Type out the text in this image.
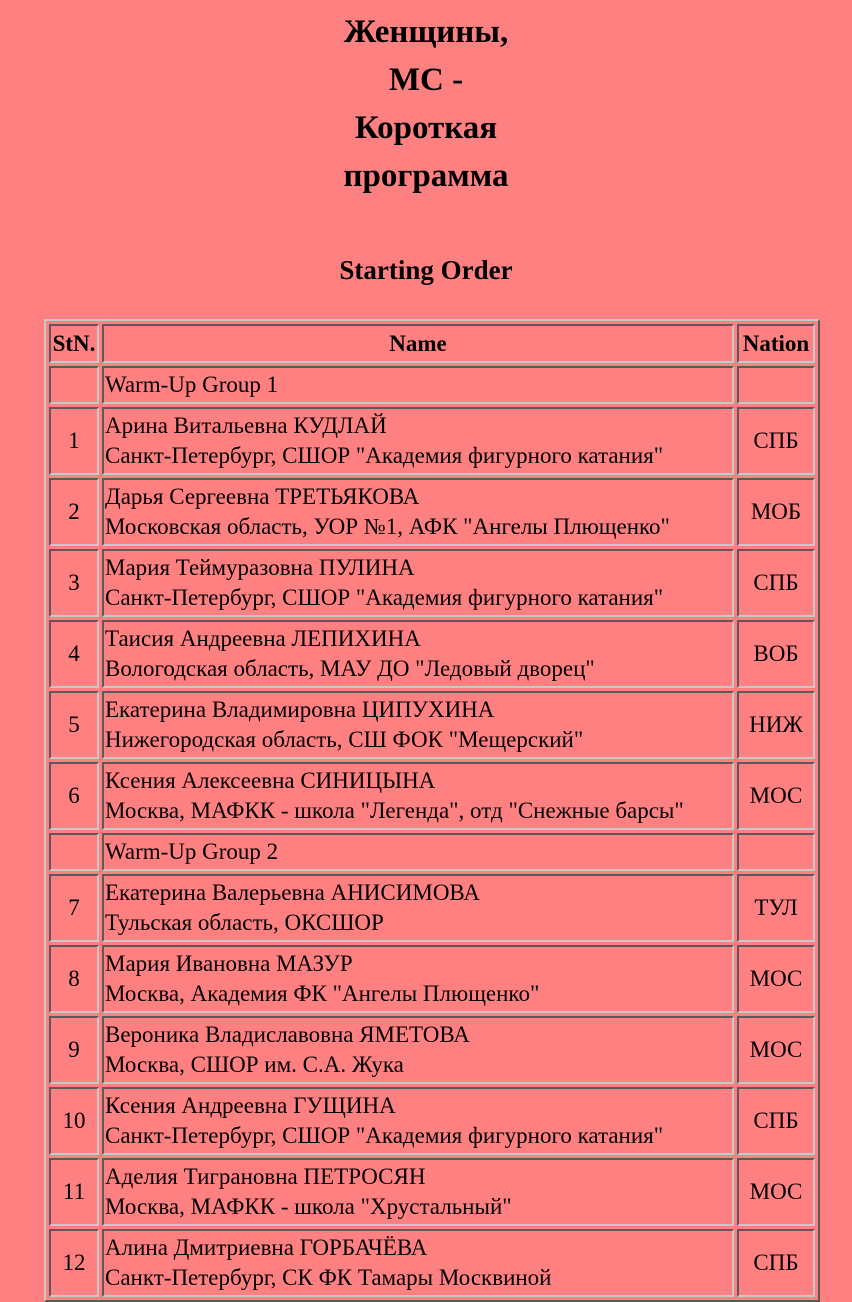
Женщины,
МС -
Короткая
программа
Starting Order
StN.	Name	Nation
	Warm-Up Group 1	
1	Арина Витальевна КУДЛАЙ
Санкт-Петербург, СШОР "Академия фигурного катания"	СПБ
2	Дарья Сергеевна ТРЕТЬЯКОВА
Московская область, УОР №1, АФК "Ангелы Плющенко"	МОБ
3	Мария Теймуразовна ПУЛИНА
Санкт-Петербург, СШОР "Академия фигурного катания"	СПБ
4	Таисия Андреевна ЛЕПИХИНА
Вологодская область, МАУ ДО "Ледовый дворец"	ВОБ
5	Екатерина Владимировна ЦИПУХИНА
Нижегородская область, СШ ФОК "Мещерский"	НИЖ
6	Ксения Алексеевна СИНИЦЫНА
Москва, МАФКК - школа "Легенда", отд "Снежные барсы"	МОС
	Warm-Up Group 2	
7	Екатерина Валерьевна АНИСИМОВА
Тульская область, ОКСШОР	ТУЛ
8	Мария Ивановна МАЗУР
Москва, Академия ФК "Ангелы Плющенко"	МОС
9	Вероника Владиславовна ЯМЕТОВА
Москва, СШОР им. С.А. Жука	МОС
10	Ксения Андреевна ГУЩИНА
Санкт-Петербург, СШОР "Академия фигурного катания"	СПБ
11	Аделия Тиграновна ПЕТРОСЯН
Москва, МАФКК - школа "Хрустальный"	МОС
12	Алина Дмитриевна ГОРБАЧЁВА
Санкт-Петербург, СК ФК Тамары Москвиной	СПБ
